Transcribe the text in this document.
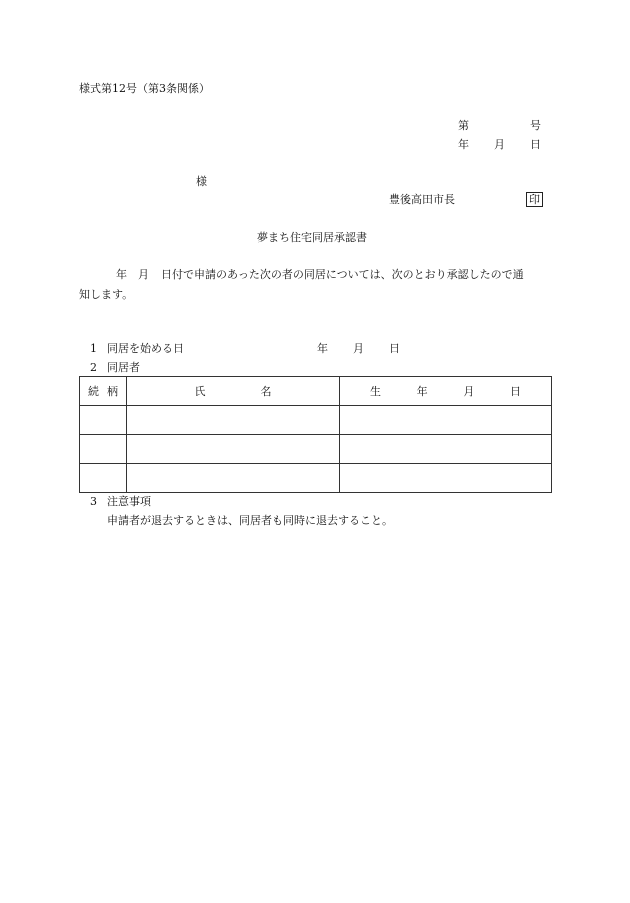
様式第12号（第3条関係）
第	号
年 月 日
様
豊後高田市長	印
夢まち住宅同居承認書
年 月 日付で申請のあった次の者の同居については、次のとおり承認したので通
知します。
1 同居を始める日	年 月 日
2 同居者
続 柄	氏 名	生 年 月 日

3 注意事項
申請者が退去するときは、同居者も同時に退去すること。
